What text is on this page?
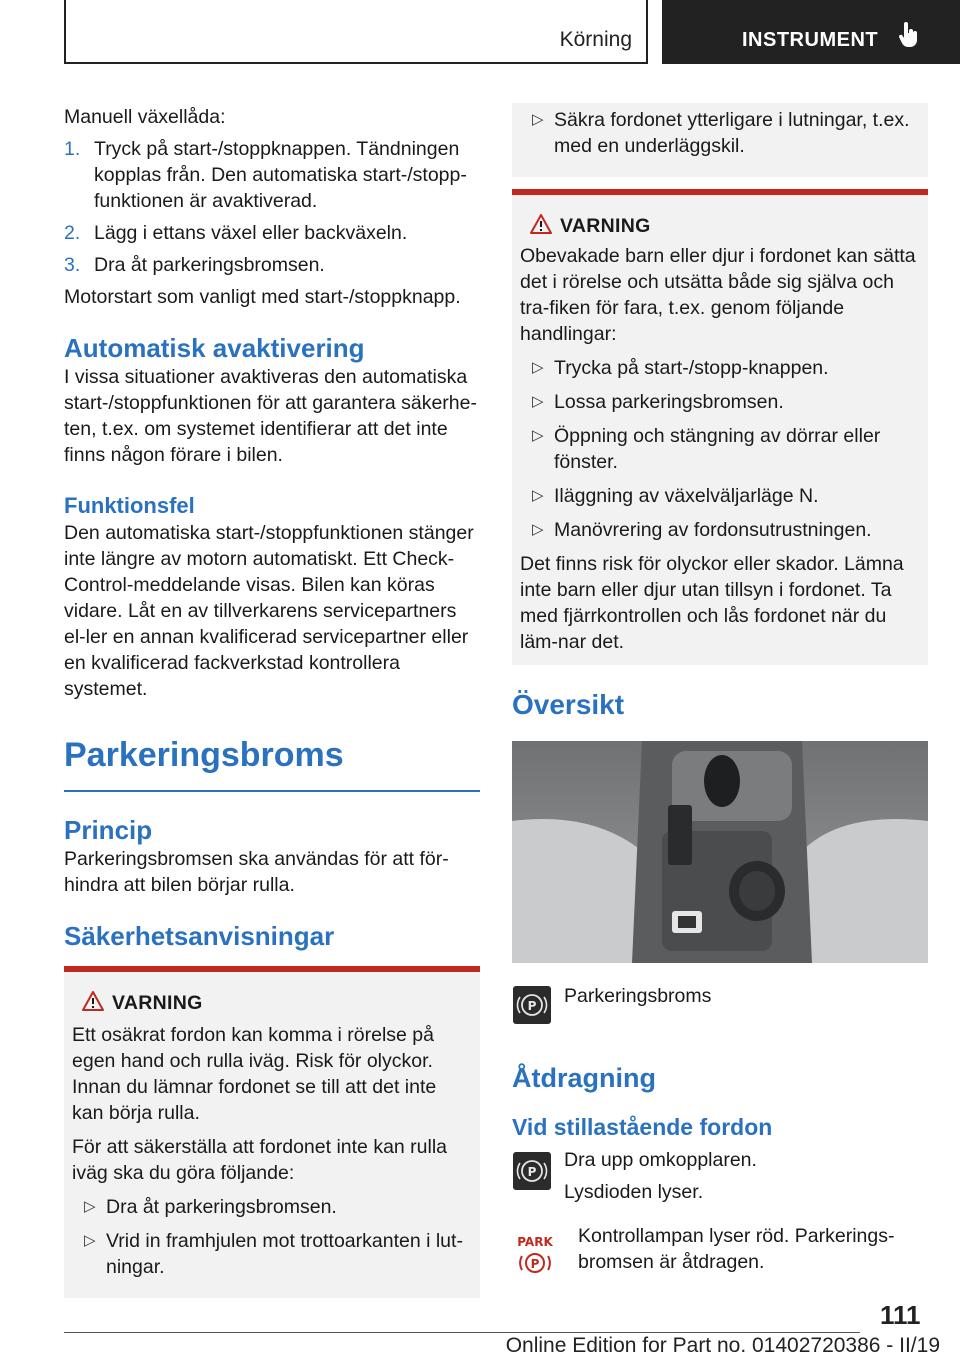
Körning	INSTRUMENT

Manuell växellåda:

1. Tryck på start-/stoppknappen. Tändningen kopplas från. Den automatiska start-/stopp‐funktionen är avaktiverad.
2. Lägg i ettans växel eller backväxeln.
3. Dra åt parkeringsbromsen.

Motorstart som vanligt med start-/stoppknapp.

Automatisk avaktivering

I vissa situationer avaktiveras den automatiska start-/stoppfunktionen för att garantera säkerhe‐ten, t.ex. om systemet identifierar att det inte finns någon förare i bilen.

Funktionsfel

Den automatiska start-/stoppfunktionen stänger inte längre av motorn automatiskt. Ett Check-Control-meddelande visas. Bilen kan köras vidare. Låt en av tillverkarens servicepartners el‐ler en annan kvalificerad servicepartner eller en kvalificerad fackverkstad kontrollera systemet.

Parkeringsbroms
Princip

Parkeringsbromsen ska användas för att för‐hindra att bilen börjar rulla.

Säkerhetsanvisningar
VARNING

Ett osäkrat fordon kan komma i rörelse på egen hand och rulla iväg. Risk för olyckor. Innan du lämnar fordonet se till att det inte kan börja rulla.

För att säkerställa att fordonet inte kan rulla iväg ska du göra följande:

▷ Dra åt parkeringsbromsen.
▷ Vrid in framhjulen mot trottoarkanten i lut‐ningar.
▷ Säkra fordonet ytterligare i lutningar, t.ex. med en underläggskil.
VARNING

Obevakade barn eller djur i fordonet kan sätta det i rörelse och utsätta både sig själva och tra‐fiken för fara, t.ex. genom följande handlingar:

▷ Trycka på start-/stopp-knappen.
▷ Lossa parkeringsbromsen.
▷ Öppning och stängning av dörrar eller fönster.
▷ Iläggning av växelväljarläge N.
▷ Manövrering av fordonsutrustningen.

Det finns risk för olyckor eller skador. Lämna inte barn eller djur utan tillsyn i fordonet. Ta med fjärrkontrollen och lås fordonet när du läm‐nar det.

Översikt
P Parkeringsbroms

Åtdragning
Vid stillastående fordon
P

Dra upp omkopplaren.

Lysdioden lyser.

PARK
P

Kontrollampan lyser röd. Parkerings‐bromsen är åtdragen.

111
Online Edition for Part no. 01402720386 - II/19
